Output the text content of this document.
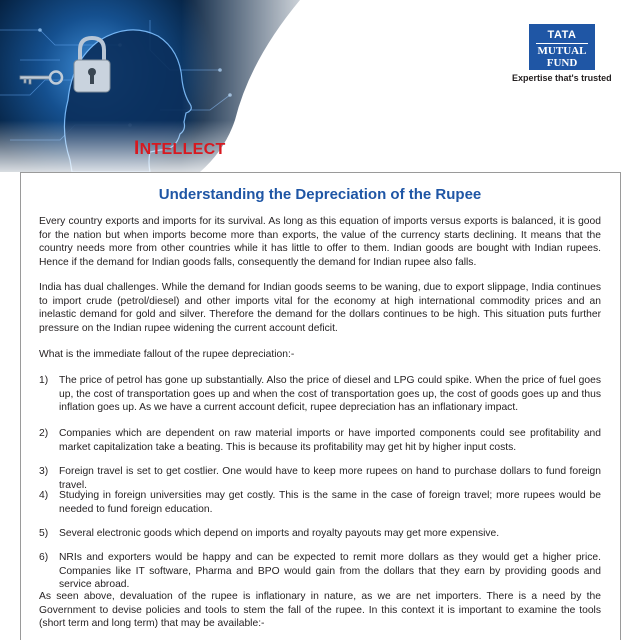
TATA
MUTUAL
FUND
Expertise that's trusted
INTELLECT
Understanding the Depreciation of the Rupee

Every country exports and imports for its survival. As long as this equation of imports versus exports is balanced, it is good for the nation but when imports become more than exports, the value of the currency starts declining. It means that the country needs more from other countries while it has little to offer to them. Indian goods are bought with Indian rupees. Hence if the demand for Indian goods falls, consequently the demand for Indian rupee also falls.

India has dual challenges. While the demand for Indian goods seems to be waning, due to export slippage, India continues to import crude (petrol/diesel) and other imports vital for the economy at high international commodity prices and an inelastic demand for gold and silver. Therefore the demand for the dollars continues to be high. This situation puts further pressure on the Indian rupee widening the current account deficit.

What is the immediate fallout of the rupee depreciation:-

1) The price of petrol has gone up substantially. Also the price of diesel and LPG could spike. When the price of fuel goes up, the cost of transportation goes up and when the cost of transportation goes up, the cost of goods goes up and thus inflation goes up. As we have a current account deficit, rupee depreciation has an inflationary impact.
2) Companies which are dependent on raw material imports or have imported components could see profitability and market capitalization take a beating. This is because its profitability may get hit by higher input costs.
3) Foreign travel is set to get costlier. One would have to keep more rupees on hand to purchase dollars to fund foreign travel.
4) Studying in foreign universities may get costly. This is the same in the case of foreign travel; more rupees would be needed to fund foreign education.
5) Several electronic goods which depend on imports and royalty payouts may get more expensive.
6) NRIs and exporters would be happy and can be expected to remit more dollars as they would get a higher price. Companies like IT software, Pharma and BPO would gain from the dollars that they earn by providing goods and service abroad.

As seen above, devaluation of the rupee is inflationary in nature, as we are net importers. There is a need by the Government to devise policies and tools to stem the fall of the rupee. In this context it is important to examine the tools (short term and long term) that may be available:-
